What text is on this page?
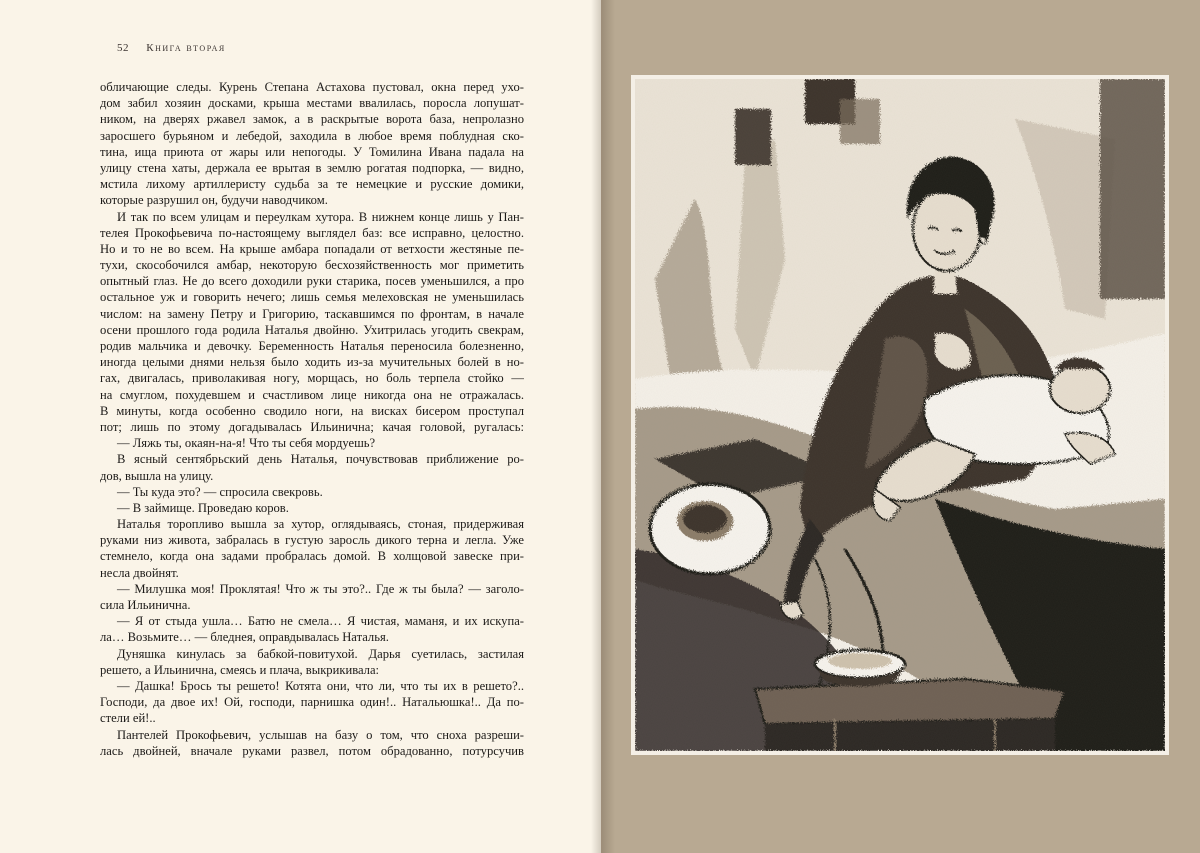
52 Книга вторая
обличающие следы. Курень Степана Астахова пустовал, окна перед ухо-
дом забил хозяин досками, крыша местами ввалилась, поросла лопушат-
ником, на дверях ржавел замок, а в раскрытые ворота база, непролазно
заросшего бурьяном и лебедой, заходила в любое время поблудная ско-
тина, ища приюта от жары или непогоды. У Томилина Ивана падала на
улицу стена хаты, держала ее врытая в землю рогатая подпорка, — видно,
мстила лихому артиллеристу судьба за те немецкие и русские домики,
которые разрушил он, будучи наводчиком.
И так по всем улицам и переулкам хутора. В нижнем конце лишь у Пан-
телея Прокофьевича по-настоящему выглядел баз: все исправно, целостно.
Но и то не во всем. На крыше амбара попадали от ветхости жестяные пе-
тухи, скособочился амбар, некоторую бесхозяйственность мог приметить
опытный глаз. Не до всего доходили руки старика, посев уменьшился, а про
остальное уж и говорить нечего; лишь семья мелеховская не уменьшилась
числом: на замену Петру и Григорию, таскавшимся по фронтам, в начале
осени прошлого года родила Наталья двойню. Ухитрилась угодить свекрам,
родив мальчика и девочку. Беременность Наталья переносила болезненно,
иногда целыми днями нельзя было ходить из-за мучительных болей в но-
гах, двигалась, приволакивая ногу, морщась, но боль терпела стойко —
на смуглом, похудевшем и счастливом лице никогда она не отражалась.
В минуты, когда особенно сводило ноги, на висках бисером проступал
пот; лишь по этому догадывалась Ильинична; качая головой, ругалась:
— Ляжь ты, окаян-на-я! Что ты себя мордуешь?
В ясный сентябрьский день Наталья, почувствовав приближение ро-
дов, вышла на улицу.
— Ты куда это? — спросила свекровь.
— В займище. Проведаю коров.
Наталья торопливо вышла за хутор, оглядываясь, стоная, придерживая
руками низ живота, забралась в густую заросль дикого терна и легла. Уже
стемнело, когда она задами пробралась домой. В холщовой завеске при-
несла двойнят.
— Милушка моя! Проклятая! Что ж ты это?.. Где ж ты была? — заголо-
сила Ильинична.
— Я от стыда ушла… Батю не смела… Я чистая, маманя, и их искупа-
ла… Возьмите… — бледнея, оправдывалась Наталья.
Дуняшка кинулась за бабкой-повитухой. Дарья суетилась, застилая
решето, а Ильинична, смеясь и плача, выкрикивала:
— Дашка! Брось ты решето! Котята они, что ли, что ты их в решето?..
Господи, да двое их! Ой, господи, парнишка один!.. Натальюшка!.. Да по-
стели ей!..
Пантелей Прокофьевич, услышав на базу о том, что сноха разреши-
лась двойней, вначале руками развел, потом обрадованно, потурсучив
